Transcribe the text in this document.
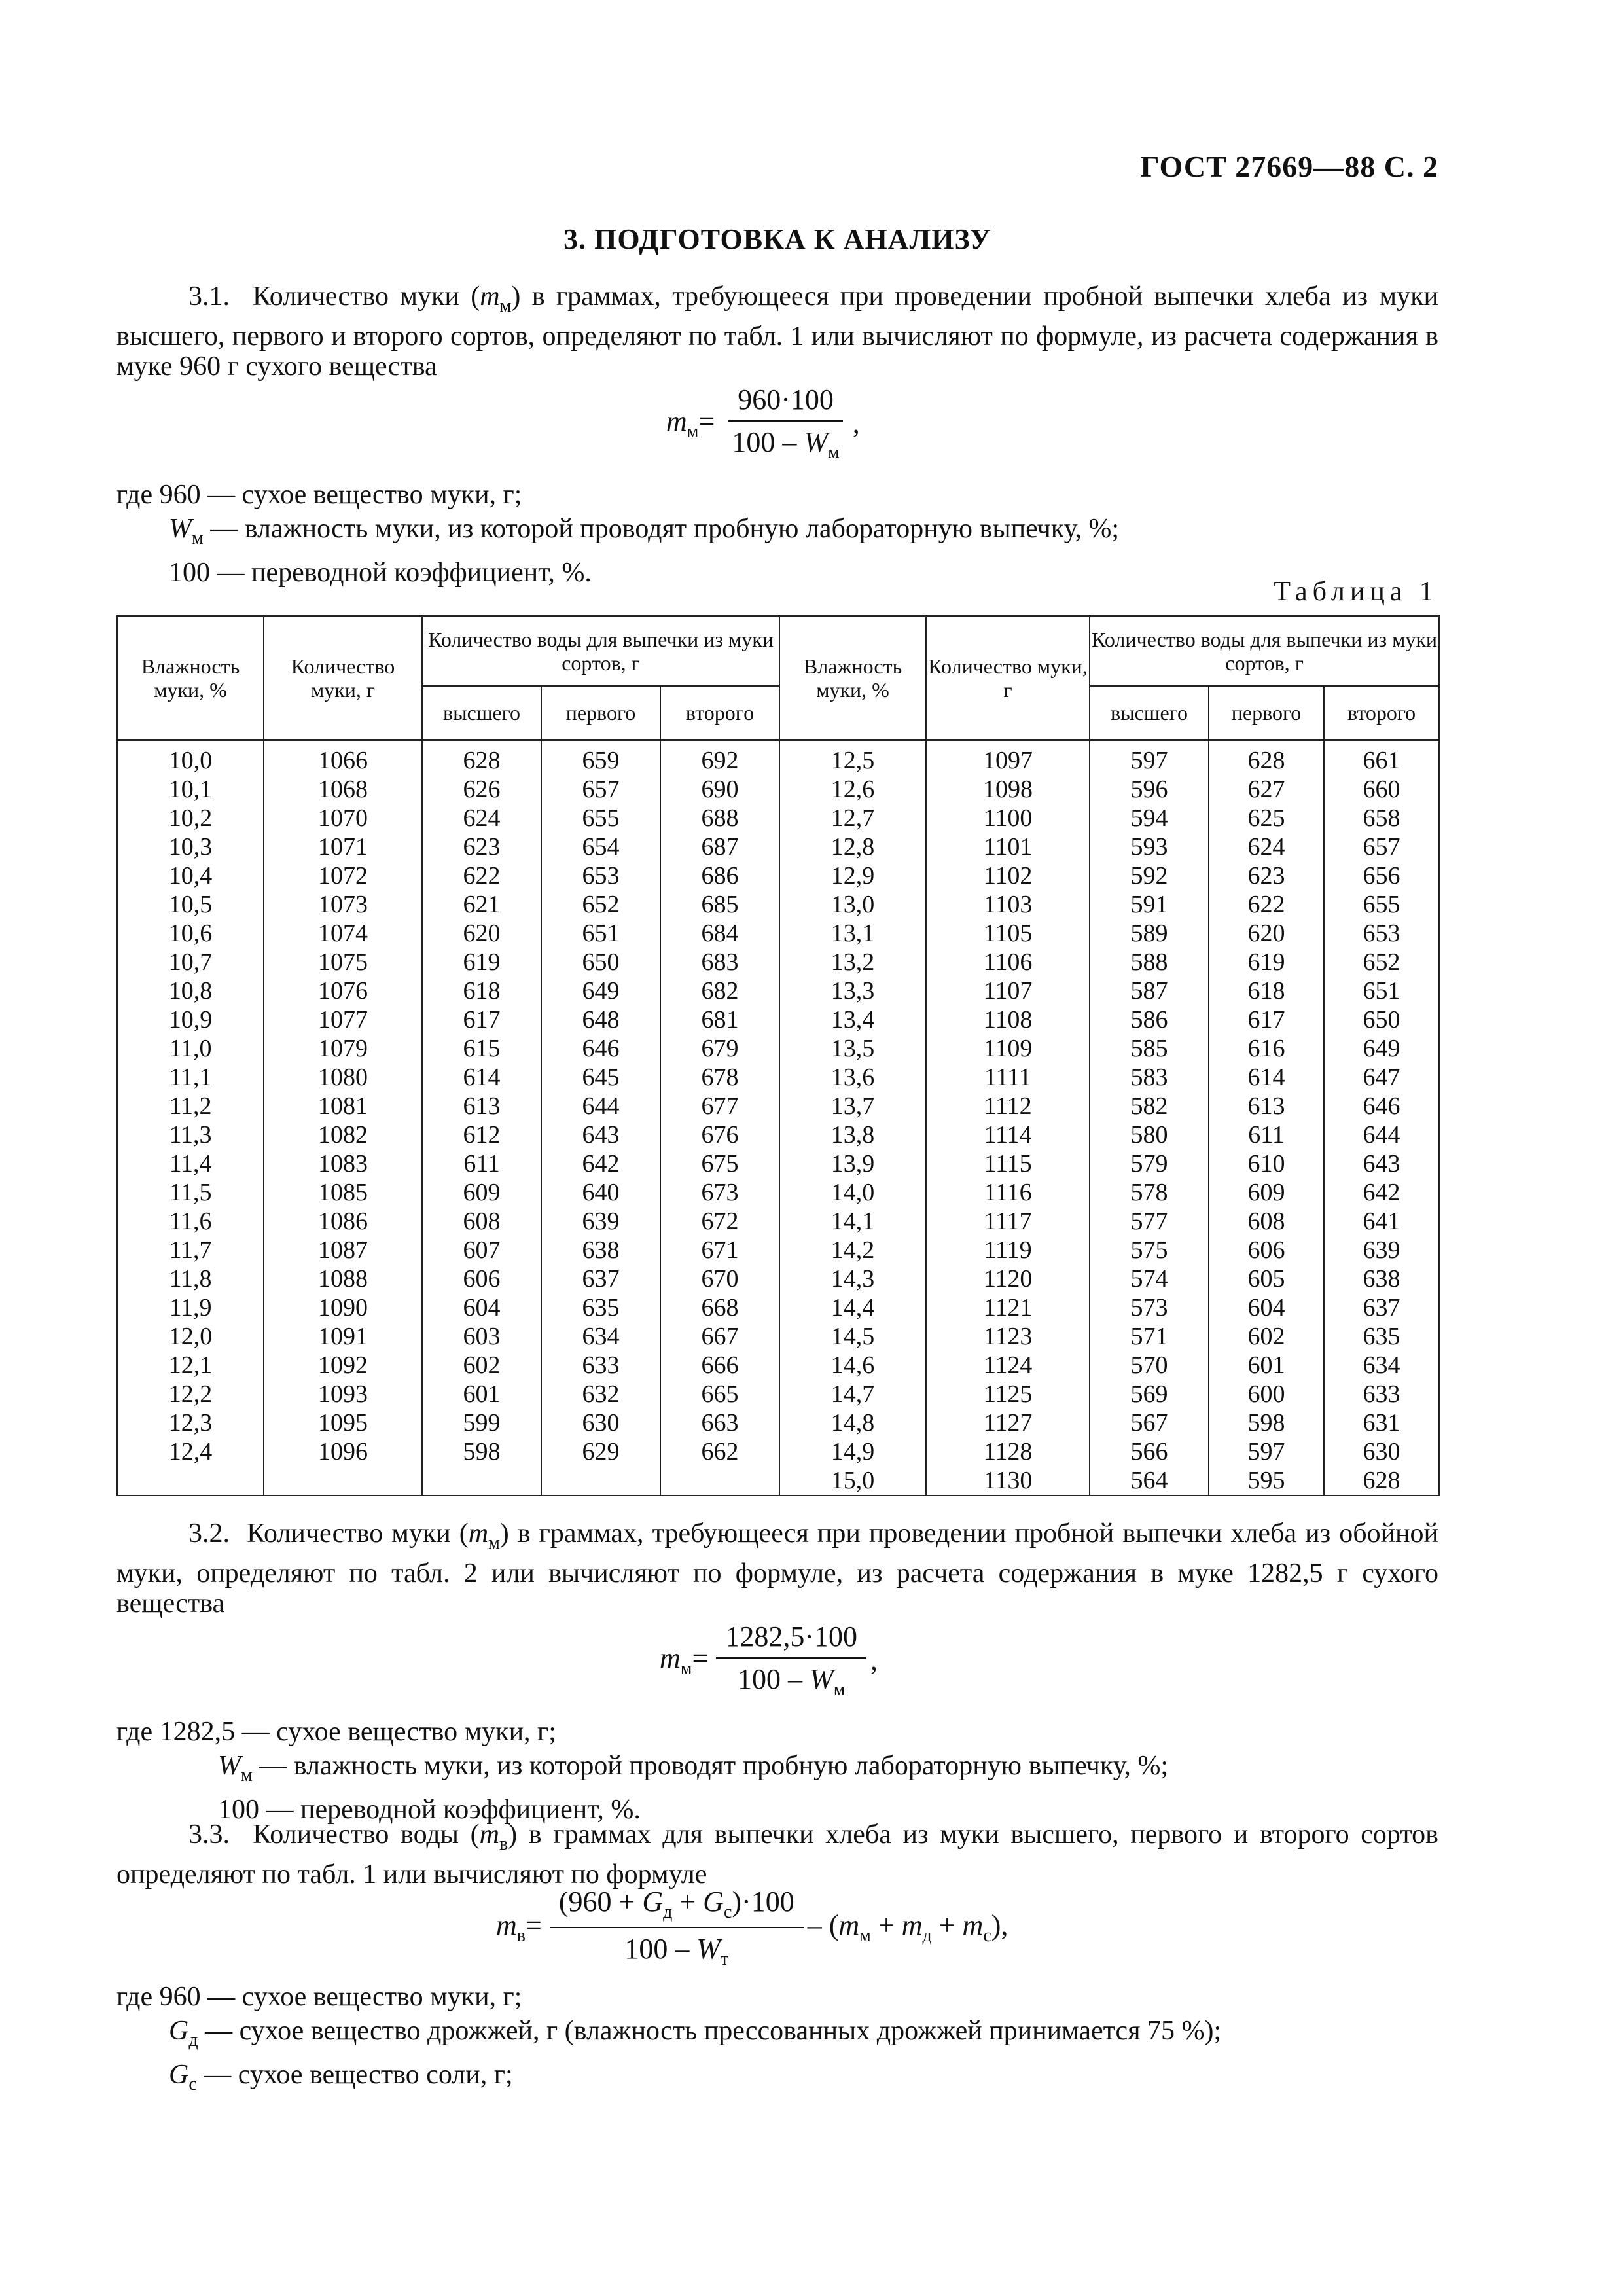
ГОСТ 27669—88 С. 2
3. ПОДГОТОВКА К АНАЛИЗУ
3.1. Количество муки $(m_м)$ в граммах, требующееся при проведении пробной выпечки хлеба из муки высшего, первого и второго сортов, определяют по табл. 1 или вычисляют по формуле, из расчета содержания в муке 960 г сухого вещества
$m_м= \frac{960\cdot 100}{100 - W_м}$ ,
где 960 — сухое вещество муки, г;
$W_м$ — влажность муки, из которой проводят пробную лабораторную выпечку, %;
100 — переводной коэффициент, %.
Таблица 1
Влажность муки, %	Количество муки, г	Количество воды для выпечки из муки сортов, г			Влажность муки, %	Количество муки, г	Количество воды для выпечки из муки сортов, г		
		высшего	первого	второго			высшего	первого	второго
10,0	1066	628	659	692	12,5	1097	597	628	661
10,1	1068	626	657	690	12,6	1098	596	627	660
10,2	1070	624	655	688	12,7	1100	594	625	658
10,3	1071	623	654	687	12,8	1101	593	624	657
10,4	1072	622	653	686	12,9	1102	592	623	656
10,5	1073	621	652	685	13,0	1103	591	622	655
10,6	1074	620	651	684	13,1	1105	589	620	653
10,7	1075	619	650	683	13,2	1106	588	619	652
10,8	1076	618	649	682	13,3	1107	587	618	651
10,9	1077	617	648	681	13,4	1108	586	617	650
11,0	1079	615	646	679	13,5	1109	585	616	649
11,1	1080	614	645	678	13,6	1111	583	614	647
11,2	1081	613	644	677	13,7	1112	582	613	646
11,3	1082	612	643	676	13,8	1114	580	611	644
11,4	1083	611	642	675	13,9	1115	579	610	643
11,5	1085	609	640	673	14,0	1116	578	609	642
11,6	1086	608	639	672	14,1	1117	577	608	641
11,7	1087	607	638	671	14,2	1119	575	606	639
11,8	1088	606	637	670	14,3	1120	574	605	638
11,9	1090	604	635	668	14,4	1121	573	604	637
12,0	1091	603	634	667	14,5	1123	571	602	635
12,1	1092	602	633	666	14,6	1124	570	601	634
12,2	1093	601	632	665	14,7	1125	569	600	633
12,3	1095	599	630	663	14,8	1127	567	598	631
12,4	1096	598	629	662	14,9	1128	566	597	630
					15,0	1130	564	595	628
3.2. Количество муки $(m_м)$ в граммах, требующееся при проведении пробной выпечки хлеба из обойной муки, определяют по табл. 2 или вычисляют по формуле, из расчета содержания в муке 1282,5 г сухого вещества
$m_м= \frac{1282,5\cdot 100}{100 - W_м}$ ,
где 1282,5 — сухое вещество муки, г;
$W_м$ — влажность муки, из которой проводят пробную лабораторную выпечку, %;
100 — переводной коэффициент, %.
3.3. Количество воды $(m_в)$ в граммах для выпечки хлеба из муки высшего, первого и второго сортов определяют по табл. 1 или вычисляют по формуле
$m_в= \frac{(960 + G_д + G_с)\cdot 100}{100 - W_т} - (m_м + m_д + m_с)$,
где 960 — сухое вещество муки, г;
$G_д$ — сухое вещество дрожжей, г (влажность прессованных дрожжей принимается 75 %);
$G_с$ — сухое вещество соли, г;
